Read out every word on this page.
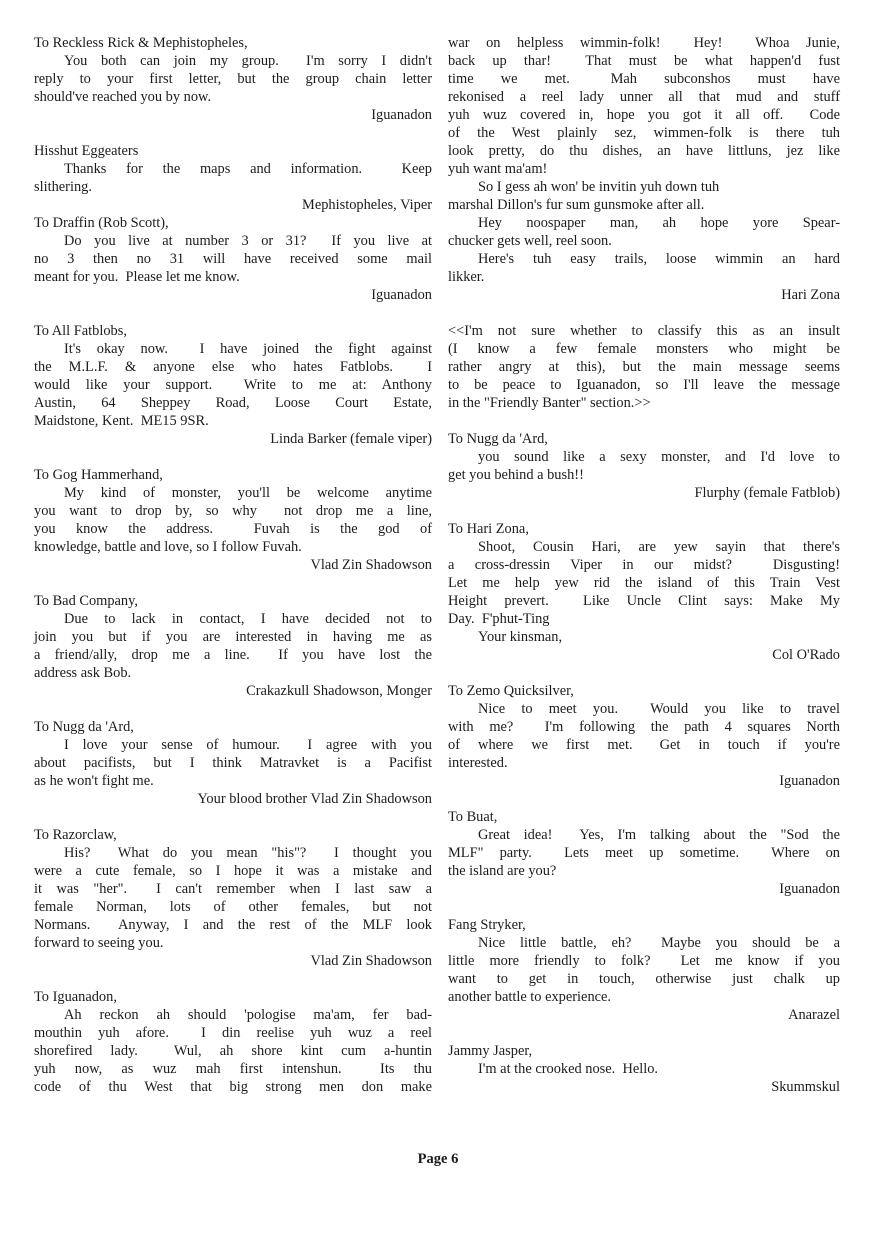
To Reckless Rick & Mephistopheles,
You both can join my group.  I'm sorry I didn't
reply to your first letter, but the group chain letter
should've reached you by now.
Iguanadon
Hisshut Eggeaters
Thanks for the maps and information.  Keep
slithering.
Mephistopheles, Viper
To Draffin (Rob Scott),
Do you live at number 3 or 31?  If you live at
no 3 then no 31 will have received some mail
meant for you.  Please let me know.
Iguanadon
To All Fatblobs,
It's okay now.  I have joined the fight against
the M.L.F. & anyone else who hates Fatblobs.  I
would like your support.  Write to me at: Anthony
Austin, 64 Sheppey Road, Loose Court Estate,
Maidstone, Kent.  ME15 9SR.
Linda Barker (female viper)
To Gog Hammerhand,
My kind of monster, you'll be welcome anytime
you want to drop by, so why  not drop me a line,
you know the address.  Fuvah is the god of
knowledge, battle and love, so I follow Fuvah.
Vlad Zin Shadowson
To Bad Company,
Due to lack in contact, I have decided not to
join you but if you are interested in having me as
a friend/ally, drop me a line.  If you have lost the
address ask Bob.
Crakazkull Shadowson, Monger
To Nugg da 'Ard,
I love your sense of humour.  I agree with you
about pacifists, but I think Matravket is a Pacifist
as he won't fight me.
Your blood brother Vlad Zin Shadowson
To Razorclaw,
His?  What do you mean "his"?  I thought you
were a cute female, so I hope it was a mistake and
it was "her".  I can't remember when I last saw a
female Norman, lots of other females, but not
Normans.  Anyway, I and the rest of the MLF look
forward to seeing you.
Vlad Zin Shadowson
To Iguanadon,
Ah reckon ah should 'pologise ma'am, fer bad-
mouthin yuh afore.  I din reelise yuh wuz a reel
shorefired lady.  Wul, ah shore kint cum a-huntin
yuh now, as wuz mah first intenshun.  Its thu
code of thu West that big strong men don make
war on helpless wimmin-folk!  Hey!  Whoa Junie,
back up thar!  That must be what happen'd fust
time  we  met.   Mah  subconshos  must  have
rekonised a reel lady unner all that mud and stuff
yuh wuz covered in, hope you got it all off.  Code
of the West plainly sez, wimmen-folk is there tuh
look pretty, do thu dishes, an have littluns, jez like
yuh want ma'am!
So I gess ah won' be invitin yuh down tuh
marshal Dillon's fur sum gunsmoke after all.
Hey noospaper man, ah hope yore Spear-
chucker gets well, reel soon.
Here's tuh easy trails, loose wimmin an hard
likker.
Hari Zona
<<I'm not sure whether to classify this as an insult
(I know a few female monsters who might be
rather angry at this), but the main message seems
to be peace to Iguanadon, so I'll leave the message
in the "Friendly Banter" section.>>
To Nugg da 'Ard,
you sound like a sexy monster, and I'd love to
get you behind a bush!!
Flurphy (female Fatblob)
To Hari Zona,
Shoot, Cousin Hari, are yew sayin that there's
a cross-dressin Viper in our midst?  Disgusting!
Let me help yew rid the island of this Train Vest
Height prevert.  Like Uncle Clint says: Make My
Day.  F'phut-Ting
Your kinsman,
Col O'Rado
To Zemo Quicksilver,
Nice to meet you.  Would you like to travel
with me?  I'm following the path 4 squares North
of  where  we  first  met.   Get  in  touch  if  you're
interested.
Iguanadon
To Buat,
Great idea!  Yes, I'm talking about the "Sod the
MLF" party.  Lets meet up sometime.  Where on
the island are you?
Iguanadon
Fang Stryker,
Nice little battle, eh?  Maybe you should be a
little more friendly to folk?  Let me know if you
want to get in touch, otherwise just chalk up
another battle to experience.
Anarazel
Jammy Jasper,
I'm at the crooked nose.  Hello.
Skummskul
Page 6
